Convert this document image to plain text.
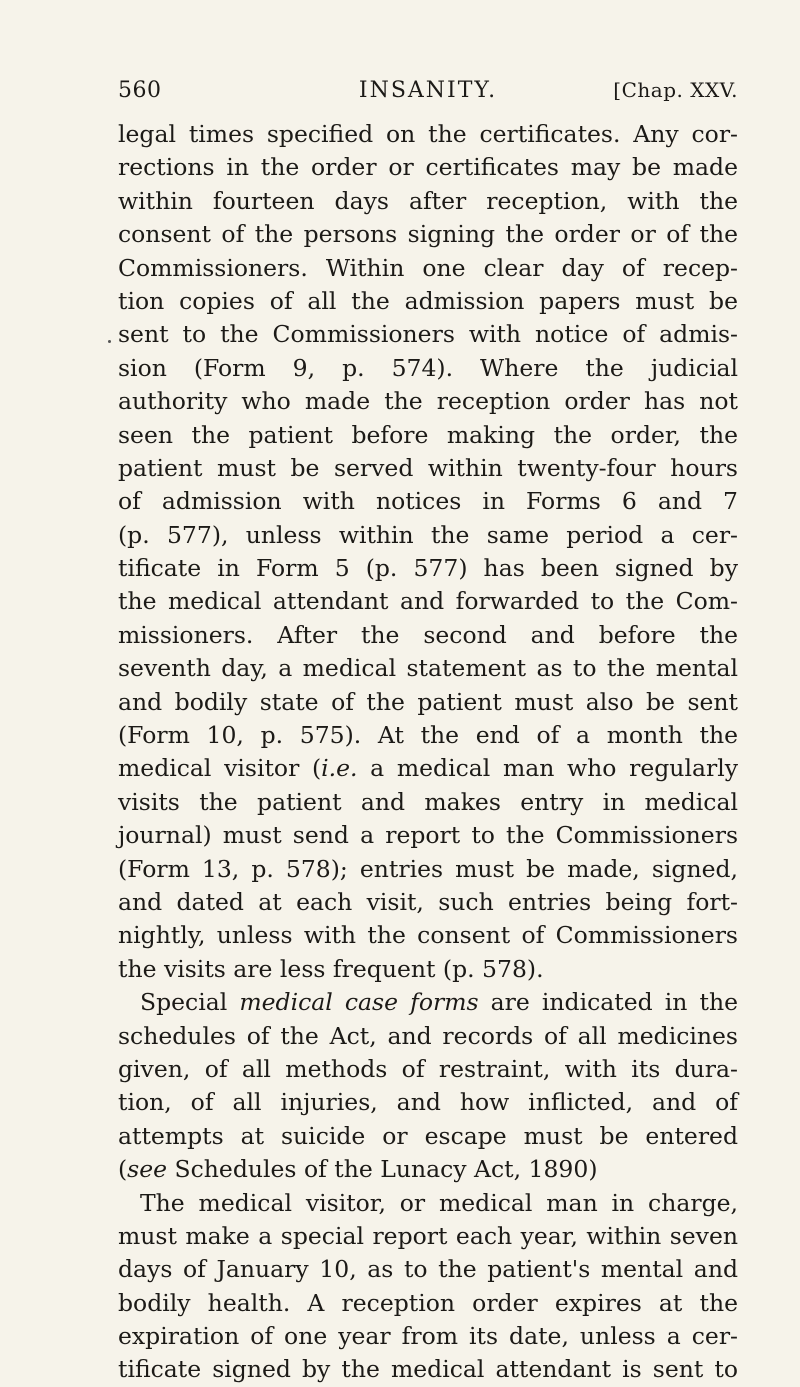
560	INSANITY.	[Chap. XXV.
legal times specified on the certificates. Any cor-
rections in the order or certificates may be made
within fourteen days after reception, with the
consent of the persons signing the order or of the
Commissioners. Within one clear day of recep-
tion copies of all the admission papers must be
sent to the Commissioners with notice of admis-
sion (Form 9, p. 574). Where the judicial
authority who made the reception order has not
seen the patient before making the order, the
patient must be served within twenty-four hours
of admission with notices in Forms 6 and 7
(p. 577), unless within the same period a cer-
tificate in Form 5 (p. 577) has been signed by
the medical attendant and forwarded to the Com-
missioners. After the second and before the
seventh day, a medical statement as to the mental
and bodily state of the patient must also be sent
(Form 10, p. 575). At the end of a month the
medical visitor (i.e. a medical man who regularly
visits the patient and makes entry in medical
journal) must send a report to the Commissioners
(Form 13, p. 578); entries must be made, signed,
and dated at each visit, such entries being fort-
nightly, unless with the consent of Commissioners
the visits are less frequent (p. 578).
Special medical case forms are indicated in the
schedules of the Act, and records of all medicines
given, of all methods of restraint, with its dura-
tion, of all injuries, and how inflicted, and of
attempts at suicide or escape must be entered
(see Schedules of the Lunacy Act, 1890)
The medical visitor, or medical man in charge,
must make a special report each year, within seven
days of January 10, as to the patient's mental and
bodily health. A reception order expires at the
expiration of one year from its date, unless a cer-
tificate signed by the medical attendant is sent to
